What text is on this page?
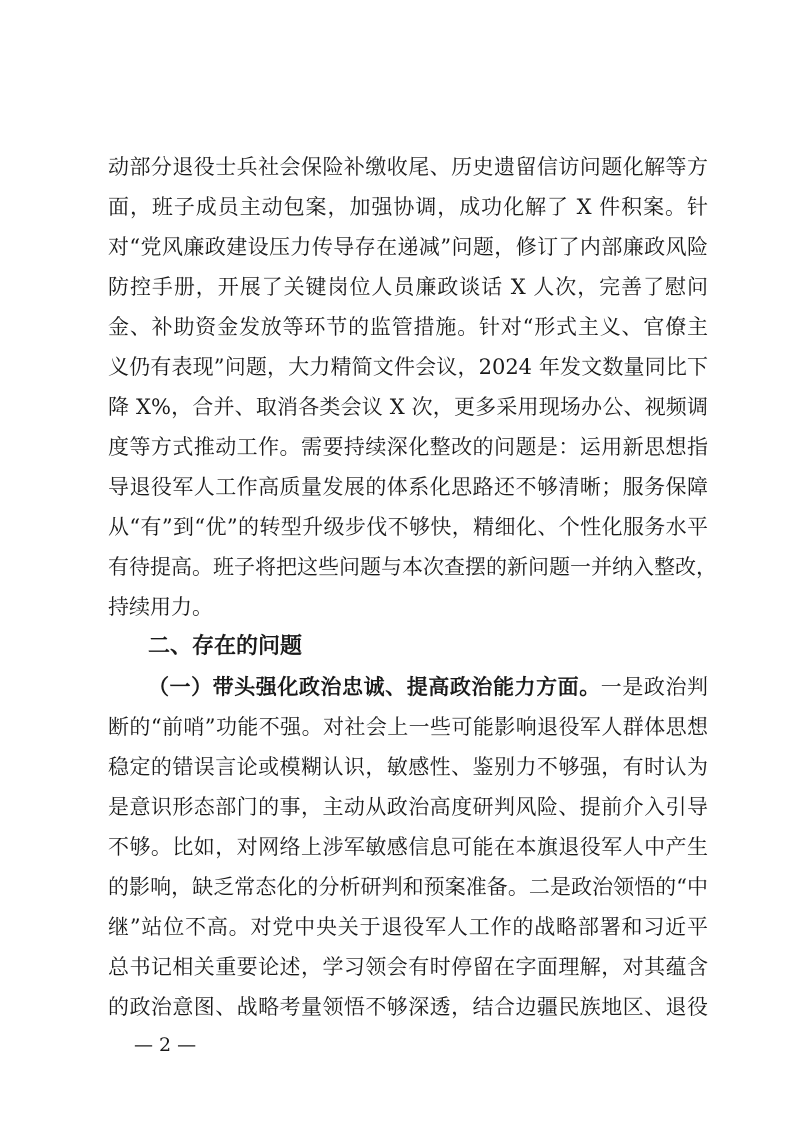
动部分退役士兵社会保险补缴收尾、历史遗留信访问题化解等方
面，班子成员主动包案，加强协调，成功化解了 X 件积案。针
对“党风廉政建设压力传导存在递减”问题，修订了内部廉政风险
防控手册，开展了关键岗位人员廉政谈话 X 人次，完善了慰问
金、补助资金发放等环节的监管措施。针对“形式主义、官僚主
义仍有表现”问题，大力精简文件会议，2024 年发文数量同比下
降 X%，合并、取消各类会议 X 次，更多采用现场办公、视频调
度等方式推动工作。需要持续深化整改的问题是：运用新思想指
导退役军人工作高质量发展的体系化思路还不够清晰；服务保障
从“有”到“优”的转型升级步伐不够快，精细化、个性化服务水平
有待提高。班子将把这些问题与本次查摆的新问题一并纳入整改，
持续用力。
二、存在的问题
（一）带头强化政治忠诚、提高政治能力方面。一是政治判
断的“前哨”功能不强。对社会上一些可能影响退役军人群体思想
稳定的错误言论或模糊认识，敏感性、鉴别力不够强，有时认为
是意识形态部门的事，主动从政治高度研判风险、提前介入引导
不够。比如，对网络上涉军敏感信息可能在本旗退役军人中产生
的影响，缺乏常态化的分析研判和预案准备。二是政治领悟的“中
继”站位不高。对党中央关于退役军人工作的战略部署和习近平
总书记相关重要论述，学习领会有时停留在字面理解，对其蕴含
的政治意图、战略考量领悟不够深透，结合边疆民族地区、退役
— 2 —
